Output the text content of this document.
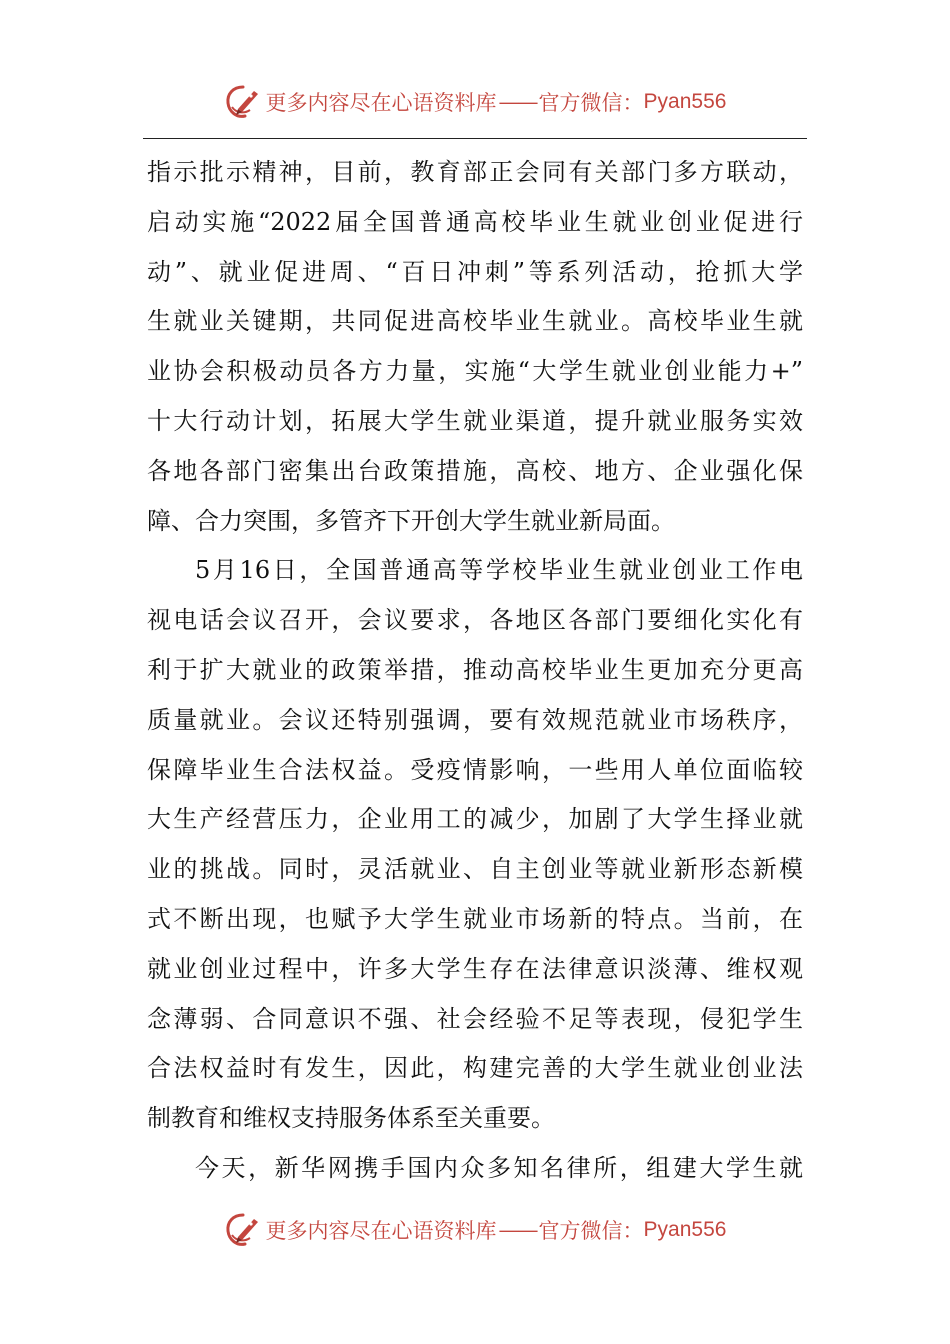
更多内容尽在心语资料库 —— 官方微信： Pyan556

指示批示精神，目前，教育部正会同有关部门多方联动，

启动实施“2022届全国普通高校毕业生就业创业促进行

动”、就业促进周、“百日冲刺”等系列活动，抢抓大学

生就业关键期，共同促进高校毕业生就业。高校毕业生就

业协会积极动员各方力量，实施“大学生就业创业能力+”

十大行动计划，拓展大学生就业渠道，提升就业服务实效

各地各部门密集出台政策措施，高校、地方、企业强化保

障、合力突围，多管齐下开创大学生就业新局面。

5月16日，全国普通高等学校毕业生就业创业工作电

视电话会议召开，会议要求，各地区各部门要细化实化有

利于扩大就业的政策举措，推动高校毕业生更加充分更高

质量就业。会议还特别强调，要有效规范就业市场秩序，

保障毕业生合法权益。受疫情影响，一些用人单位面临较

大生产经营压力，企业用工的减少，加剧了大学生择业就

业的挑战。同时，灵活就业、自主创业等就业新形态新模

式不断出现，也赋予大学生就业市场新的特点。当前，在

就业创业过程中，许多大学生存在法律意识淡薄、维权观

念薄弱、合同意识不强、社会经验不足等表现，侵犯学生

合法权益时有发生，因此，构建完善的大学生就业创业法

制教育和维权支持服务体系至关重要。

今天，新华网携手国内众多知名律所，组建大学生就

更多内容尽在心语资料库 —— 官方微信： Pyan556
